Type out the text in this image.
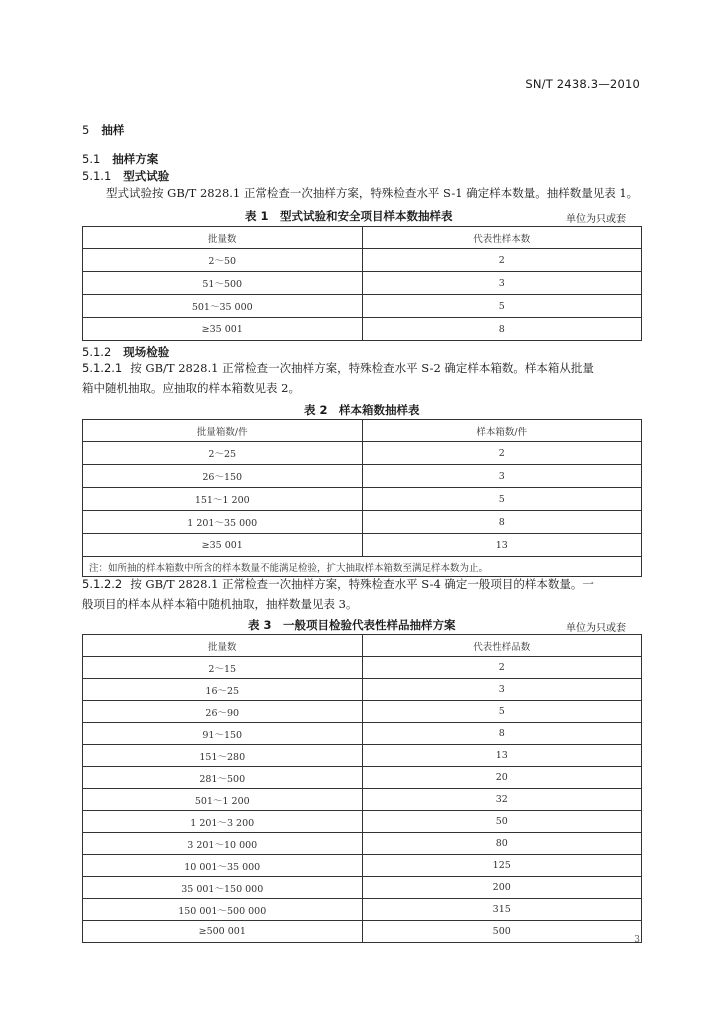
SN/T 2438.3—2010
5 抽样
5.1 抽样方案
5.1.1 型式试验
型式试验按 GB/T 2828.1 正常检查一次抽样方案，特殊检查水平 S-1 确定样本数量。抽样数量见表 1。
表 1　型式试验和安全项目样本数抽样表	单位为只或套
批量数	代表性样本数
2～50	2
51～500	3
501～35 000	5
≥35 001	8
5.1.2 现场检验
5.1.2.1 按 GB/T 2828.1 正常检查一次抽样方案，特殊检查水平 S-2 确定样本箱数。样本箱从批量
箱中随机抽取。应抽取的样本箱数见表 2。
表 2　样本箱数抽样表
批量箱数/件	样本箱数/件
2～25	2
26～150	3
151～1 200	5
1 201～35 000	8
≥35 001	13
注：如所抽的样本箱数中所含的样本数量不能满足检验，扩大抽取样本箱数至满足样本数为止。	
5.1.2.2 按 GB/T 2828.1 正常检查一次抽样方案，特殊检查水平 S-4 确定一般项目的样本数量。一
般项目的样本从样本箱中随机抽取，抽样数量见表 3。
表 3　一般项目检验代表性样品抽样方案	单位为只或套
批量数	代表性样品数
2～15	2
16～25	3
26～90	5
91～150	8
151～280	13
281～500	20
501～1 200	32
1 201～3 200	50
3 201～10 000	80
10 001～35 000	125
35 001～150 000	200
150 001～500 000	315
≥500 001	500
3
